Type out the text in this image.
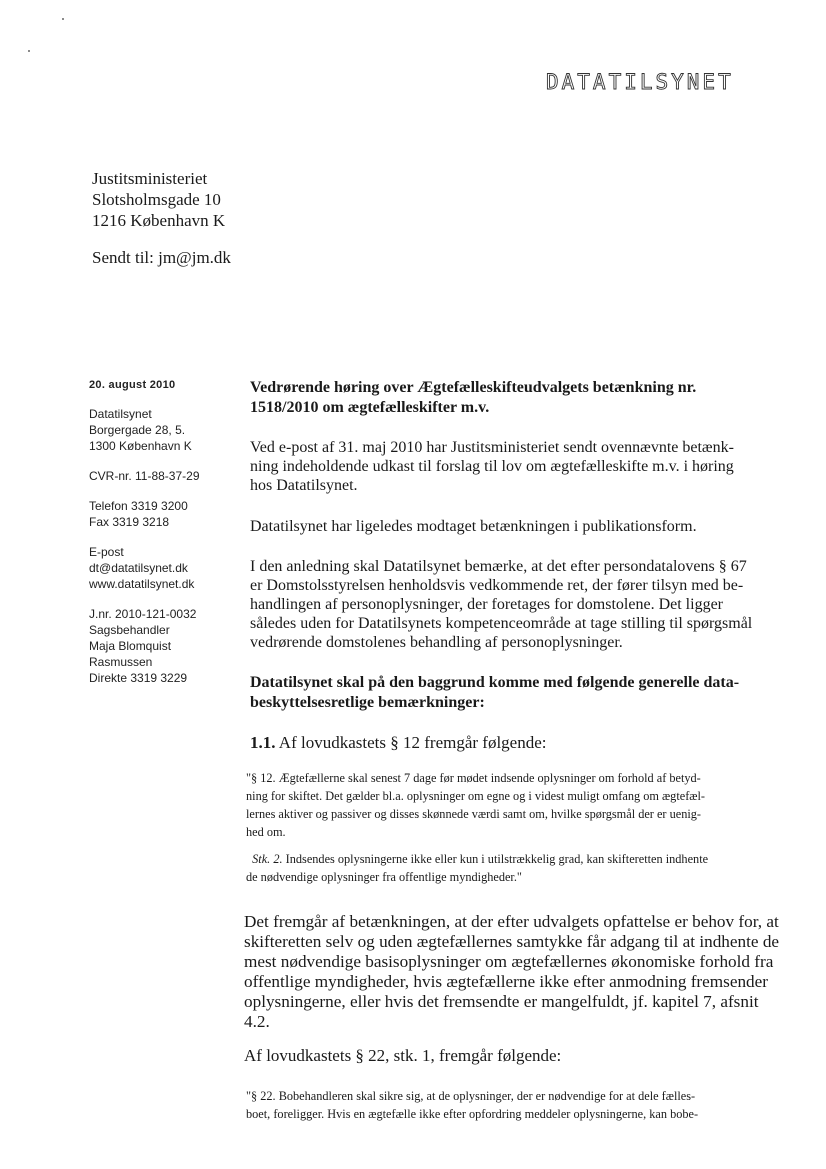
DATATILSYNET
Justitsministeriet
Slotsholmsgade 10
1216 København K
Sendt til: jm@jm.dk
20. august 2010
Datatilsynet
Borgergade 28, 5.
1300 København K
CVR-nr. 11-88-37-29
Telefon 3319 3200
Fax 3319 3218
E-post
dt@datatilsynet.dk
www.datatilsynet.dk
J.nr. 2010-121-0032
Sagsbehandler
Maja Blomquist
Rasmussen
Direkte 3319 3229
Vedrørende høring over Ægtefælleskifteudvalgets betænkning nr.
1518/2010 om ægtefælleskifter m.v.
Ved e-post af 31. maj 2010 har Justitsministeriet sendt ovennævnte betænk-
ning indeholdende udkast til forslag til lov om ægtefælleskifte m.v. i høring
hos Datatilsynet.
Datatilsynet har ligeledes modtaget betænkningen i publikationsform.
I den anledning skal Datatilsynet bemærke, at det efter persondatalovens § 67
er Domstolsstyrelsen henholdsvis vedkommende ret, der fører tilsyn med be-
handlingen af personoplysninger, der foretages for domstolene. Det ligger
således uden for Datatilsynets kompetenceområde at tage stilling til spørgsmål
vedrørende domstolenes behandling af personoplysninger.
Datatilsynet skal på den baggrund komme med følgende generelle data-
beskyttelsesretlige bemærkninger:
1.1. Af lovudkastets § 12 fremgår følgende:
"§ 12. Ægtefællerne skal senest 7 dage før mødet indsende oplysninger om forhold af betyd-
ning for skiftet. Det gælder bl.a. oplysninger om egne og i videst muligt omfang om ægtefæl-
lernes aktiver og passiver og disses skønnede værdi samt om, hvilke spørgsmål der er uenig-
hed om.
Stk. 2. Indsendes oplysningerne ikke eller kun i utilstrækkelig grad, kan skifteretten indhente
de nødvendige oplysninger fra offentlige myndigheder."
Det fremgår af betænkningen, at der efter udvalgets opfattelse er behov for, at
skifteretten selv og uden ægtefællernes samtykke får adgang til at indhente de
mest nødvendige basisoplysninger om ægtefællernes økonomiske forhold fra
offentlige myndigheder, hvis ægtefællerne ikke efter anmodning fremsender
oplysningerne, eller hvis det fremsendte er mangelfuldt, jf. kapitel 7, afsnit
4.2.
Af lovudkastets § 22, stk. 1, fremgår følgende:
"§ 22. Bobehandleren skal sikre sig, at de oplysninger, der er nødvendige for at dele fælles-
boet, foreligger. Hvis en ægtefælle ikke efter opfordring meddeler oplysningerne, kan bobe-
